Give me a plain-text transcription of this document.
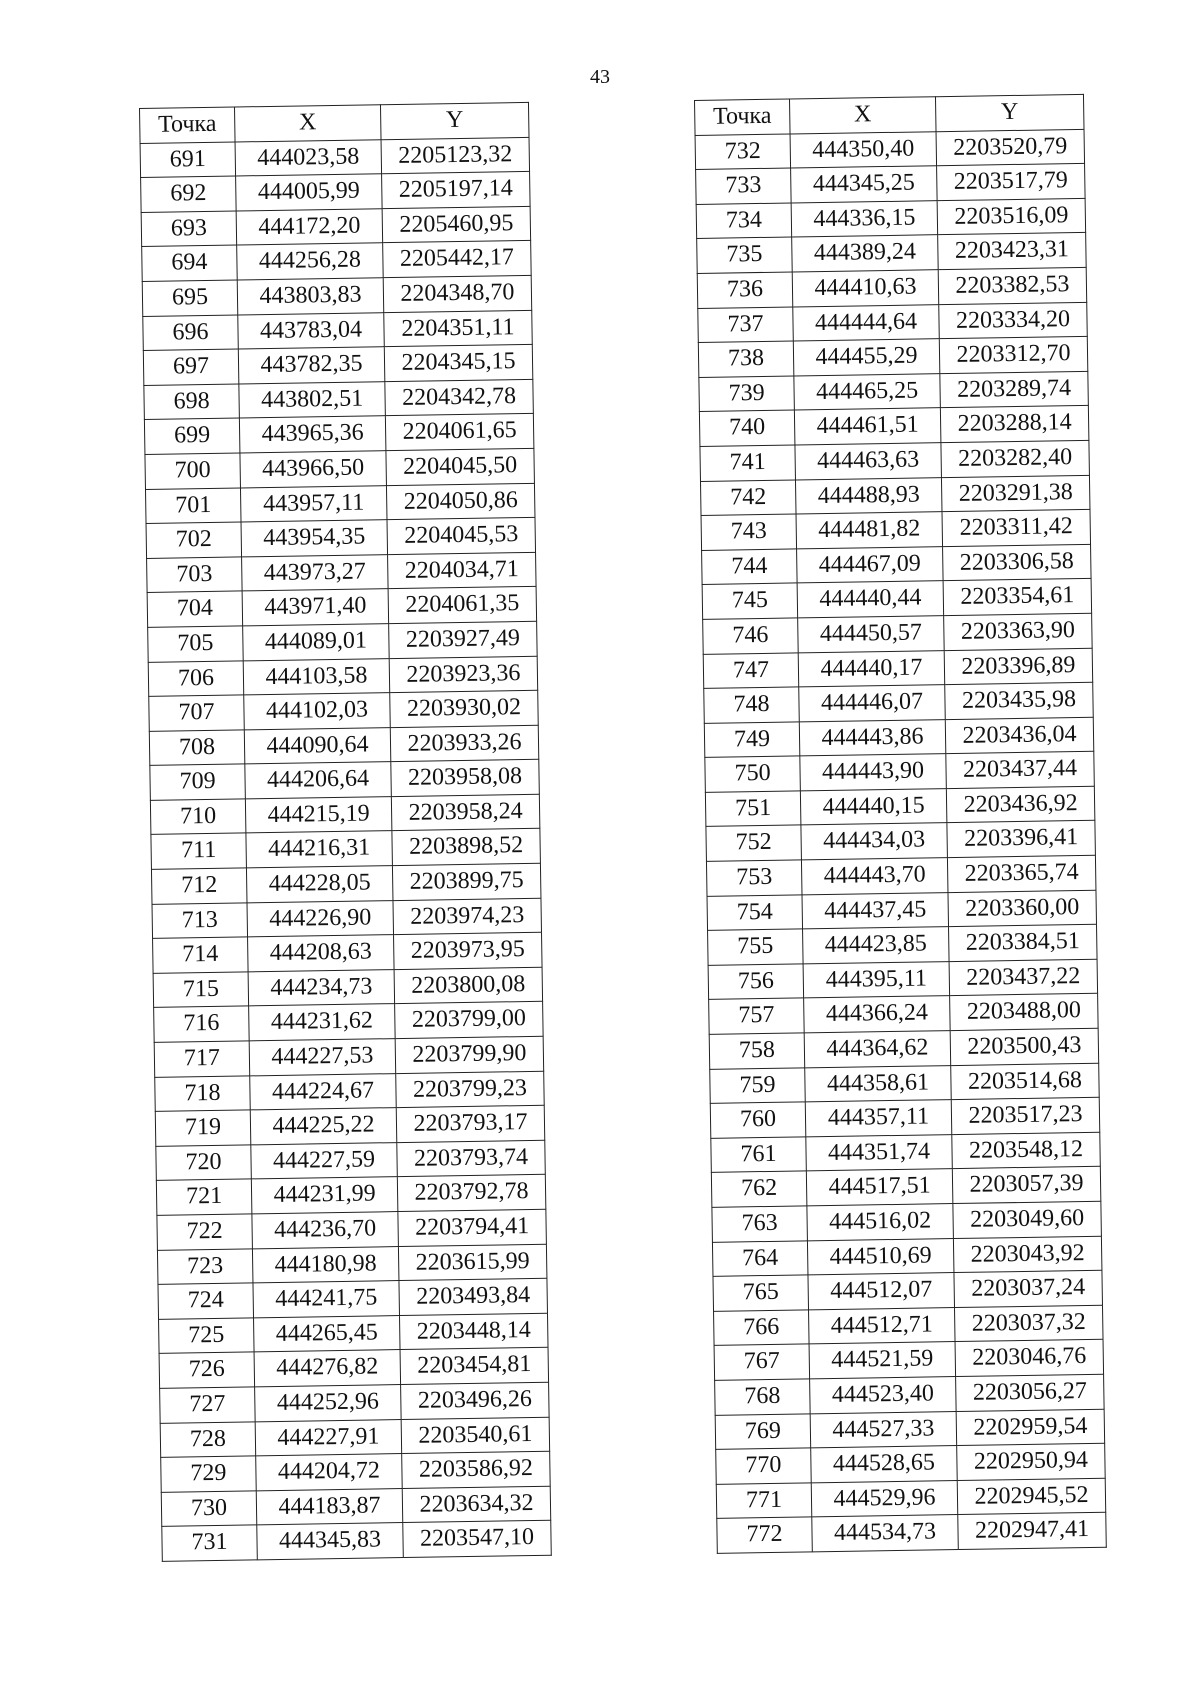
43
Точка	X	Y
691	444023,58	2205123,32
692	444005,99	2205197,14
693	444172,20	2205460,95
694	444256,28	2205442,17
695	443803,83	2204348,70
696	443783,04	2204351,11
697	443782,35	2204345,15
698	443802,51	2204342,78
699	443965,36	2204061,65
700	443966,50	2204045,50
701	443957,11	2204050,86
702	443954,35	2204045,53
703	443973,27	2204034,71
704	443971,40	2204061,35
705	444089,01	2203927,49
706	444103,58	2203923,36
707	444102,03	2203930,02
708	444090,64	2203933,26
709	444206,64	2203958,08
710	444215,19	2203958,24
711	444216,31	2203898,52
712	444228,05	2203899,75
713	444226,90	2203974,23
714	444208,63	2203973,95
715	444234,73	2203800,08
716	444231,62	2203799,00
717	444227,53	2203799,90
718	444224,67	2203799,23
719	444225,22	2203793,17
720	444227,59	2203793,74
721	444231,99	2203792,78
722	444236,70	2203794,41
723	444180,98	2203615,99
724	444241,75	2203493,84
725	444265,45	2203448,14
726	444276,82	2203454,81
727	444252,96	2203496,26
728	444227,91	2203540,61
729	444204,72	2203586,92
730	444183,87	2203634,32
731	444345,83	2203547,10
Точка	X	Y
732	444350,40	2203520,79
733	444345,25	2203517,79
734	444336,15	2203516,09
735	444389,24	2203423,31
736	444410,63	2203382,53
737	444444,64	2203334,20
738	444455,29	2203312,70
739	444465,25	2203289,74
740	444461,51	2203288,14
741	444463,63	2203282,40
742	444488,93	2203291,38
743	444481,82	2203311,42
744	444467,09	2203306,58
745	444440,44	2203354,61
746	444450,57	2203363,90
747	444440,17	2203396,89
748	444446,07	2203435,98
749	444443,86	2203436,04
750	444443,90	2203437,44
751	444440,15	2203436,92
752	444434,03	2203396,41
753	444443,70	2203365,74
754	444437,45	2203360,00
755	444423,85	2203384,51
756	444395,11	2203437,22
757	444366,24	2203488,00
758	444364,62	2203500,43
759	444358,61	2203514,68
760	444357,11	2203517,23
761	444351,74	2203548,12
762	444517,51	2203057,39
763	444516,02	2203049,60
764	444510,69	2203043,92
765	444512,07	2203037,24
766	444512,71	2203037,32
767	444521,59	2203046,76
768	444523,40	2203056,27
769	444527,33	2202959,54
770	444528,65	2202950,94
771	444529,96	2202945,52
772	444534,73	2202947,41
